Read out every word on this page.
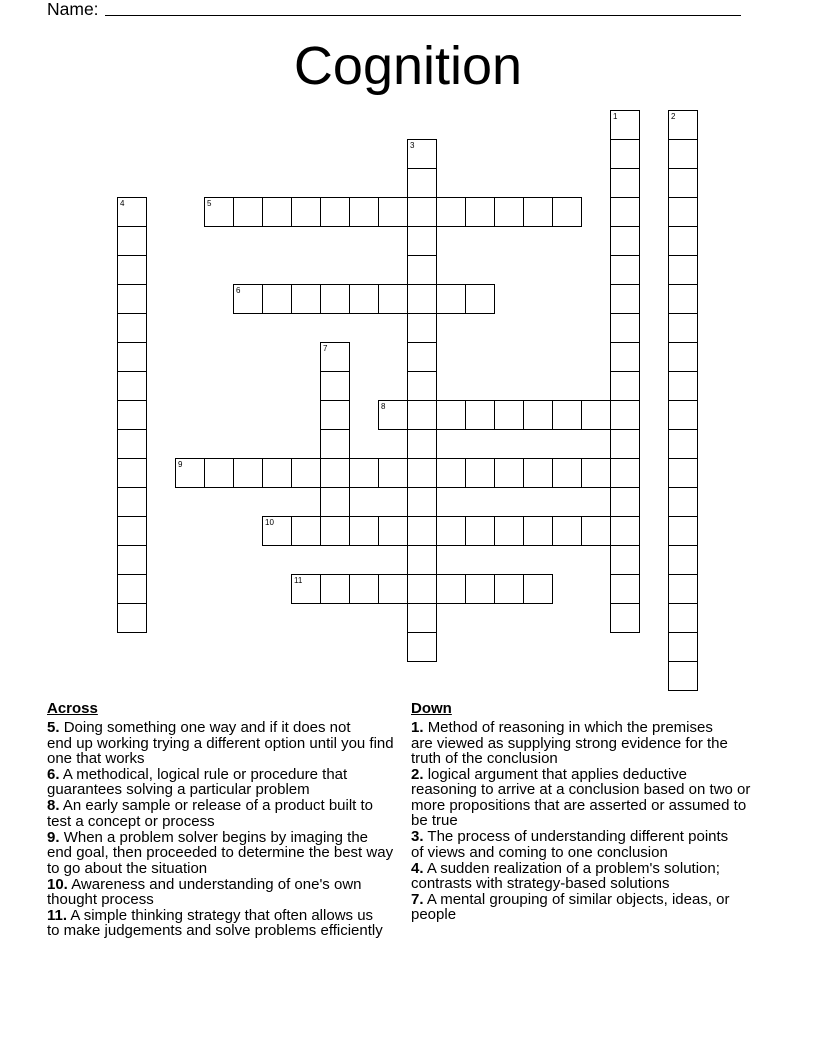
Name:
Cognition
1	2
3
4	5
6
7
8
9
10
11
Across
5. Doing something one way and if it does not
end up working trying a different option until you find
one that works
6. A methodical, logical rule or procedure that
guarantees solving a particular problem
8. An early sample or release of a product built to
test a concept or process
9. When a problem solver begins by imaging the
end goal, then proceeded to determine the best way
to go about the situation
10. Awareness and understanding of one's own
thought process
11. A simple thinking strategy that often allows us
to make judgements and solve problems efficiently
Down
1. Method of reasoning in which the premises
are viewed as supplying strong evidence for the
truth of the conclusion
2. logical argument that applies deductive
reasoning to arrive at a conclusion based on two or
more propositions that are asserted or assumed to
be true
3. The process of understanding different points
of views and coming to one conclusion
4. A sudden realization of a problem's solution;
contrasts with strategy-based solutions
7. A mental grouping of similar objects, ideas, or
people
